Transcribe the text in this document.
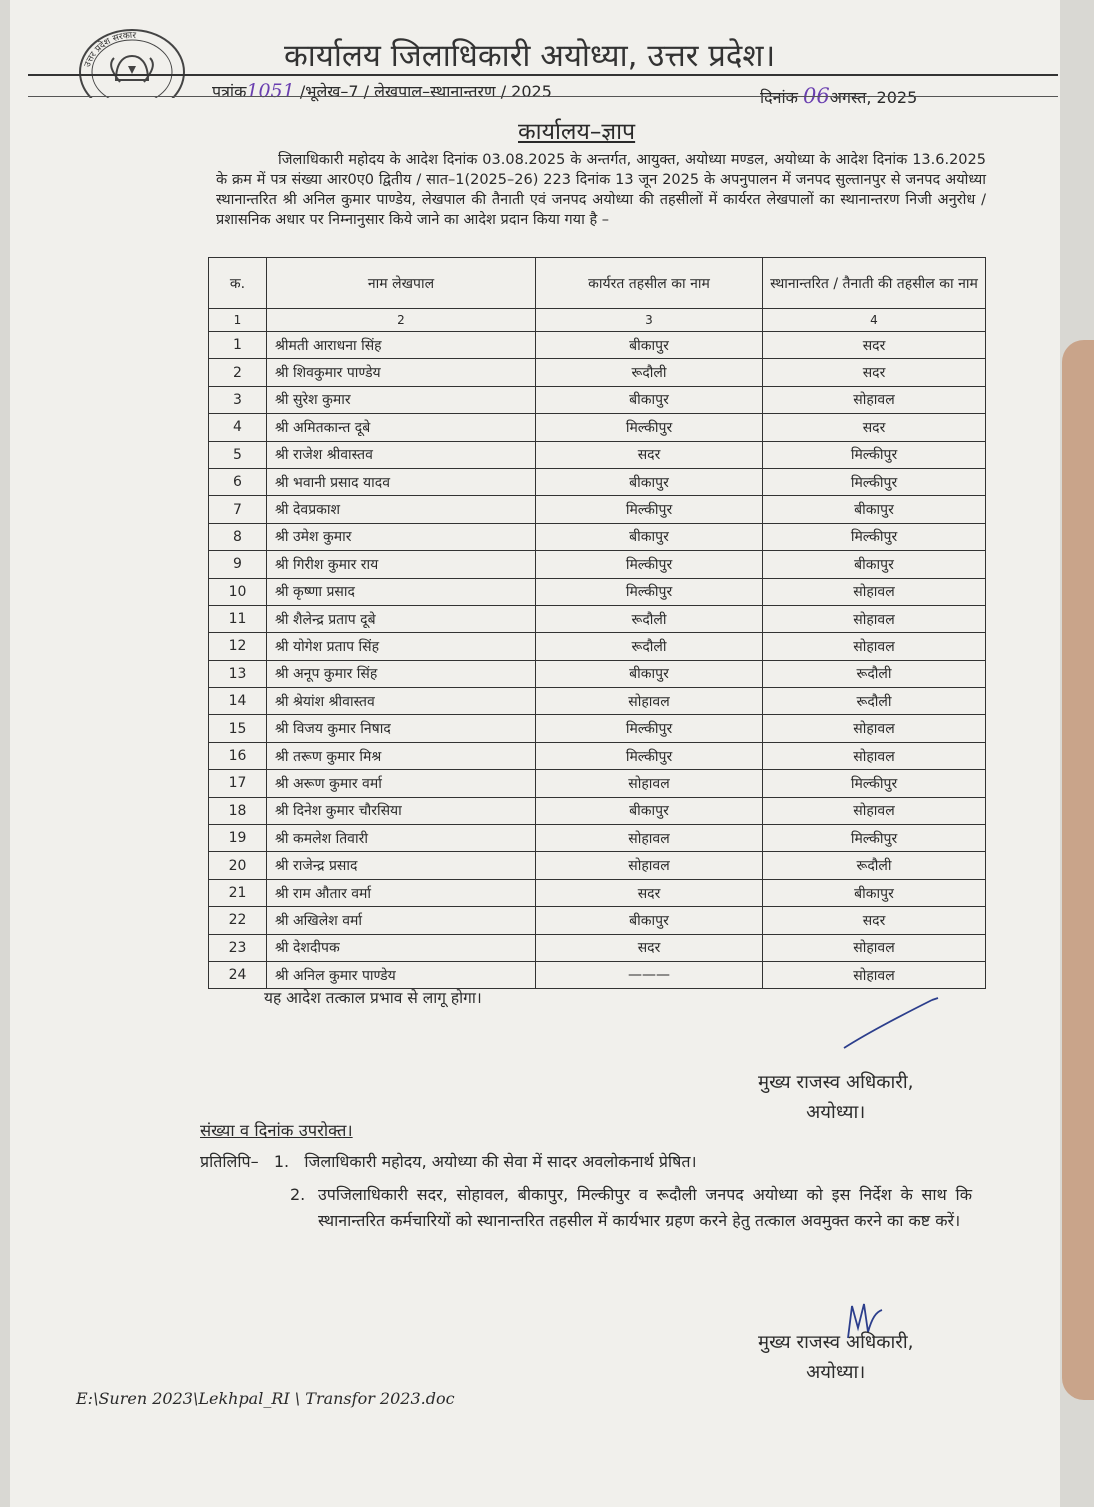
उत्तर प्रदेश सरकार
कार्यालय जिलाधिकारी अयोध्या, उत्तर प्रदेश।
पत्रांक1051 /भूलेख–7 / लेखपाल–स्थानान्तरण / 2025	दिनांक 06अगस्त, 2025
कार्यालय–ज्ञाप
जिलाधिकारी महोदय के आदेश दिनांक 03.08.2025 के अन्तर्गत, आयुक्त, अयोध्या मण्डल, अयोध्या के आदेश दिनांक 13.6.2025 के क्रम में पत्र संख्या आर0ए0 द्वितीय / सात–1(2025–26) 223 दिनांक 13 जून 2025 के अपनुपालन में जनपद सुल्तानपुर से जनपद अयोध्या स्थानान्तरित श्री अनिल कुमार पाण्डेय, लेखपाल की तैनाती एवं जनपद अयोध्या की तहसीलों में कार्यरत लेखपालों का स्थानान्तरण निजी अनुरोध / प्रशासनिक अधार पर निम्नानुसार किये जाने का आदेश प्रदान किया गया है –
क.	नाम लेखपाल	कार्यरत तहसील का नाम	स्थानान्तरित / तैनाती की तहसील का नाम
1	2	3	4
1	श्रीमती आराधना सिंह	बीकापुर	सदर
2	श्री शिवकुमार पाण्डेय	रूदौली	सदर
3	श्री सुरेश कुमार	बीकापुर	सोहावल
4	श्री अमितकान्त दूबे	मिल्कीपुर	सदर
5	श्री राजेश श्रीवास्तव	सदर	मिल्कीपुर
6	श्री भवानी प्रसाद यादव	बीकापुर	मिल्कीपुर
7	श्री देवप्रकाश	मिल्कीपुर	बीकापुर
8	श्री उमेश कुमार	बीकापुर	मिल्कीपुर
9	श्री गिरीश कुमार राय	मिल्कीपुर	बीकापुर
10	श्री कृष्णा प्रसाद	मिल्कीपुर	सोहावल
11	श्री शैलेन्द्र प्रताप दूबे	रूदौली	सोहावल
12	श्री योगेश प्रताप सिंह	रूदौली	सोहावल
13	श्री अनूप कुमार सिंह	बीकापुर	रूदौली
14	श्री श्रेयांश श्रीवास्तव	सोहावल	रूदौली
15	श्री विजय कुमार निषाद	मिल्कीपुर	सोहावल
16	श्री तरूण कुमार मिश्र	मिल्कीपुर	सोहावल
17	श्री अरूण कुमार वर्मा	सोहावल	मिल्कीपुर
18	श्री दिनेश कुमार चौरसिया	बीकापुर	सोहावल
19	श्री कमलेश तिवारी	सोहावल	मिल्कीपुर
20	श्री राजेन्द्र प्रसाद	सोहावल	रूदौली
21	श्री राम औतार वर्मा	सदर	बीकापुर
22	श्री अखिलेश वर्मा	बीकापुर	सदर
23	श्री देशदीपक	सदर	सोहावल
24	श्री अनिल कुमार पाण्डेय	———	सोहावल
यह आदेश तत्काल प्रभाव से लागू होगा।
मुख्य राजस्व अधिकारी,
अयोध्या।
संख्या व दिनांक उपरोक्त।
प्रतिलिपि– 1. जिलाधिकारी महोदय, अयोध्या की सेवा में सादर अवलोकनार्थ प्रेषित।
2. उपजिलाधिकारी सदर, सोहावल, बीकापुर, मिल्कीपुर व रूदौली जनपद अयोध्या को इस निर्देश के साथ कि स्थानान्तरित कर्मचारियों को स्थानान्तरित तहसील में कार्यभार ग्रहण करने हेतु तत्काल अवमुक्त करने का कष्ट करें।
मुख्य राजस्व अधिकारी,
अयोध्या।
E:\Suren 2023\Lekhpal_RI \ Transfor 2023.doc
